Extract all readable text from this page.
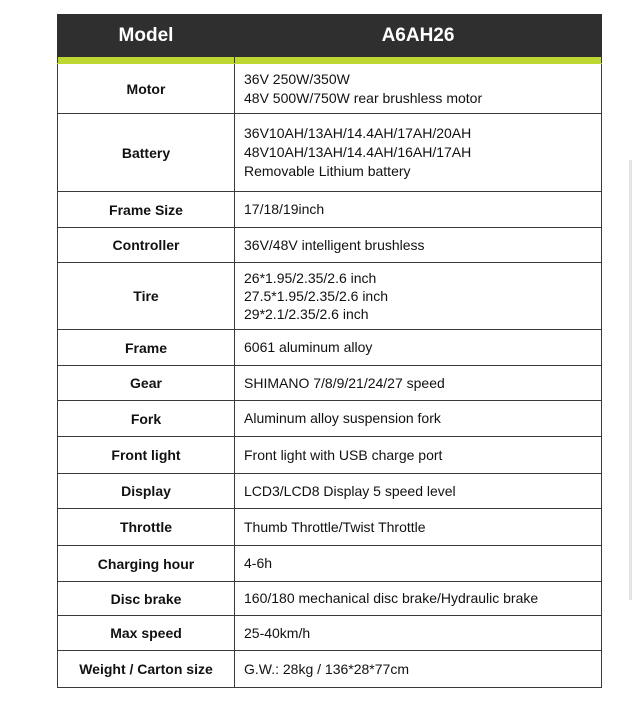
Model	A6AH26

Motor	36V 250W/350W
48V 500W/750W rear brushless motor

Battery	36V10AH/13AH/14.4AH/17AH/20AH
48V10AH/13AH/14.4AH/16AH/17AH
Removable Lithium battery

Frame Size	17/18/19inch

Controller	36V/48V intelligent brushless

Tire	26*1.95/2.35/2.6 inch
27.5*1.95/2.35/2.6 inch
29*2.1/2.35/2.6 inch

Frame	6061 aluminum alloy

Gear	SHIMANO 7/8/9/21/24/27 speed

Fork	Aluminum alloy suspension fork

Front light	Front light with USB charge port

Display	LCD3/LCD8 Display 5 speed level

Throttle	Thumb Throttle/Twist Throttle

Charging hour	4-6h

Disc brake	160/180 mechanical disc brake/Hydraulic brake

Max speed	25-40km/h

Weight / Carton size	G.W.: 28kg / 136*28*77cm
